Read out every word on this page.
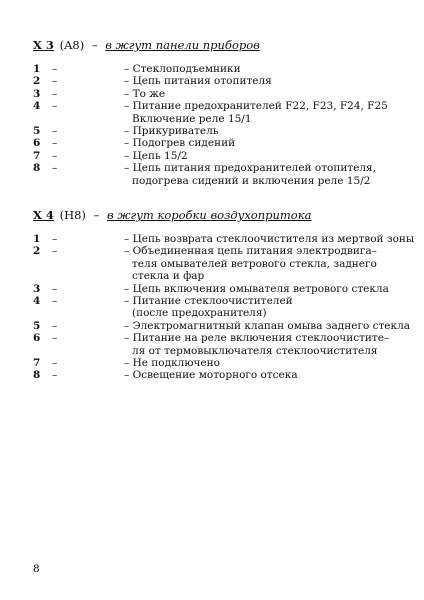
X 3 (A8) – в жгут панели приборов
1	–	– Стеклоподъемники
2	–	– Цепь питания отопителя
3	–	– То же
4	–	– Питание предохранителей F22, F23, F24, F25
Включение реле 15/1
5	–	– Прикуриватель
6	–	– Подогрев сидений
7	–	– Цепь 15/2
8	–	– Цепь питания предохранителей отопителя,
подогрева сидений и включения реле 15/2
X 4 (H8) – в жгут коробки воздухопритока
1	–	– Цепь возврата стеклоочистителя из мертвой зоны
2	–	– Объединенная цепь питания электродвига–
теля омывателей ветрового стекла, заднего
стекла и фар
3	–	– Цепь включения омывателя ветрового стекла
4	–	– Питание стеклоочистителей
(после предохранителя)
5	–	– Электромагнитный клапан омыва заднего стекла
6	–	– Питание на реле включения стеклоочистите–
ля от термовыключателя стеклоочистителя
7	–	– Не подключено
8	–	– Освещение моторного отсека
8
